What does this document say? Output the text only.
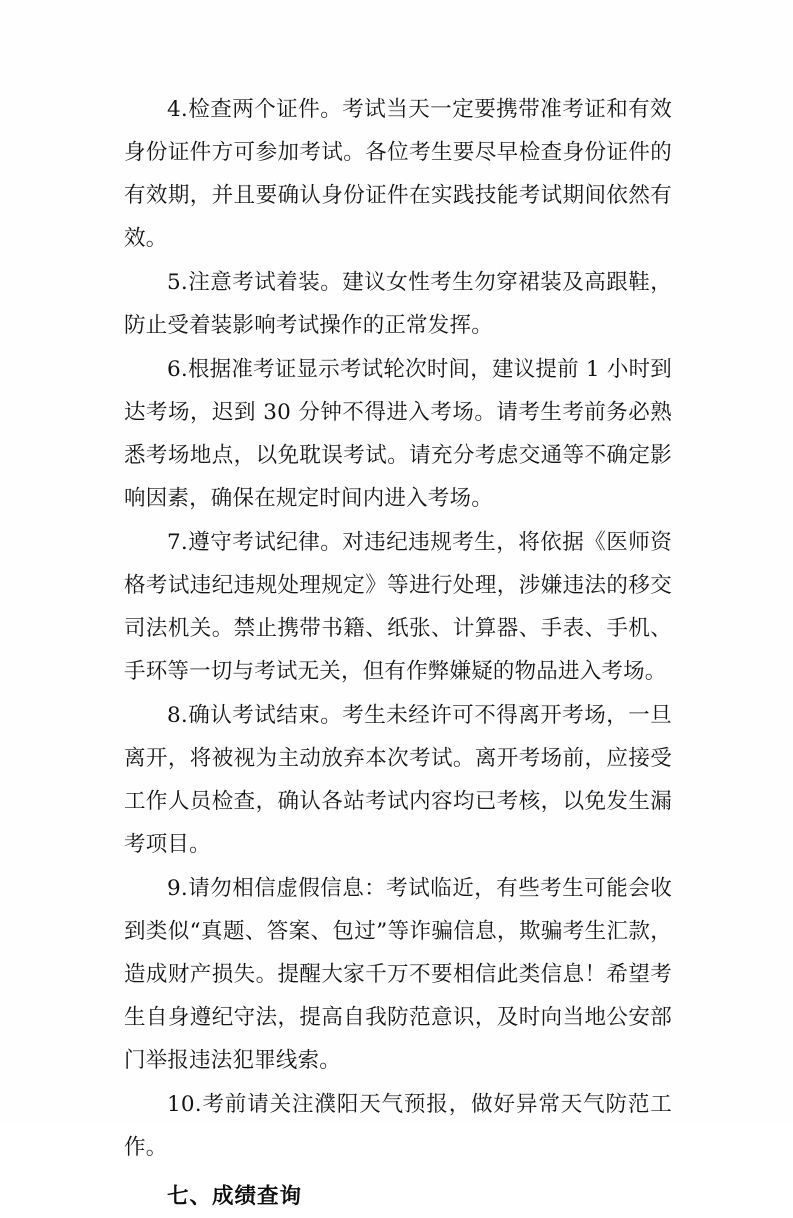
4.检查两个证件。考试当天一定要携带准考证和有效身份证件方可参加考试。各位考生要尽早检查身份证件的有效期，并且要确认身份证件在实践技能考试期间依然有效。

5.注意考试着装。建议女性考生勿穿裙装及高跟鞋，防止受着装影响考试操作的正常发挥。

6.根据准考证显示考试轮次时间，建议提前 1 小时到达考场，迟到 30 分钟不得进入考场。请考生考前务必熟悉考场地点，以免耽误考试。请充分考虑交通等不确定影响因素，确保在规定时间内进入考场。

7.遵守考试纪律。对违纪违规考生，将依据《医师资格考试违纪违规处理规定》等进行处理，涉嫌违法的移交司法机关。禁止携带书籍、纸张、计算器、手表、手机、手环等一切与考试无关，但有作弊嫌疑的物品进入考场。

8.确认考试结束。考生未经许可不得离开考场，一旦离开，将被视为主动放弃本次考试。离开考场前，应接受工作人员检查，确认各站考试内容均已考核，以免发生漏考项目。

9.请勿相信虚假信息：考试临近，有些考生可能会收到类似“真题、答案、包过”等诈骗信息，欺骗考生汇款，造成财产损失。提醒大家千万不要相信此类信息！希望考生自身遵纪守法，提高自我防范意识，及时向当地公安部门举报违法犯罪线索。

10.考前请关注濮阳天气预报，做好异常天气防范工作。

七、成绩查询
